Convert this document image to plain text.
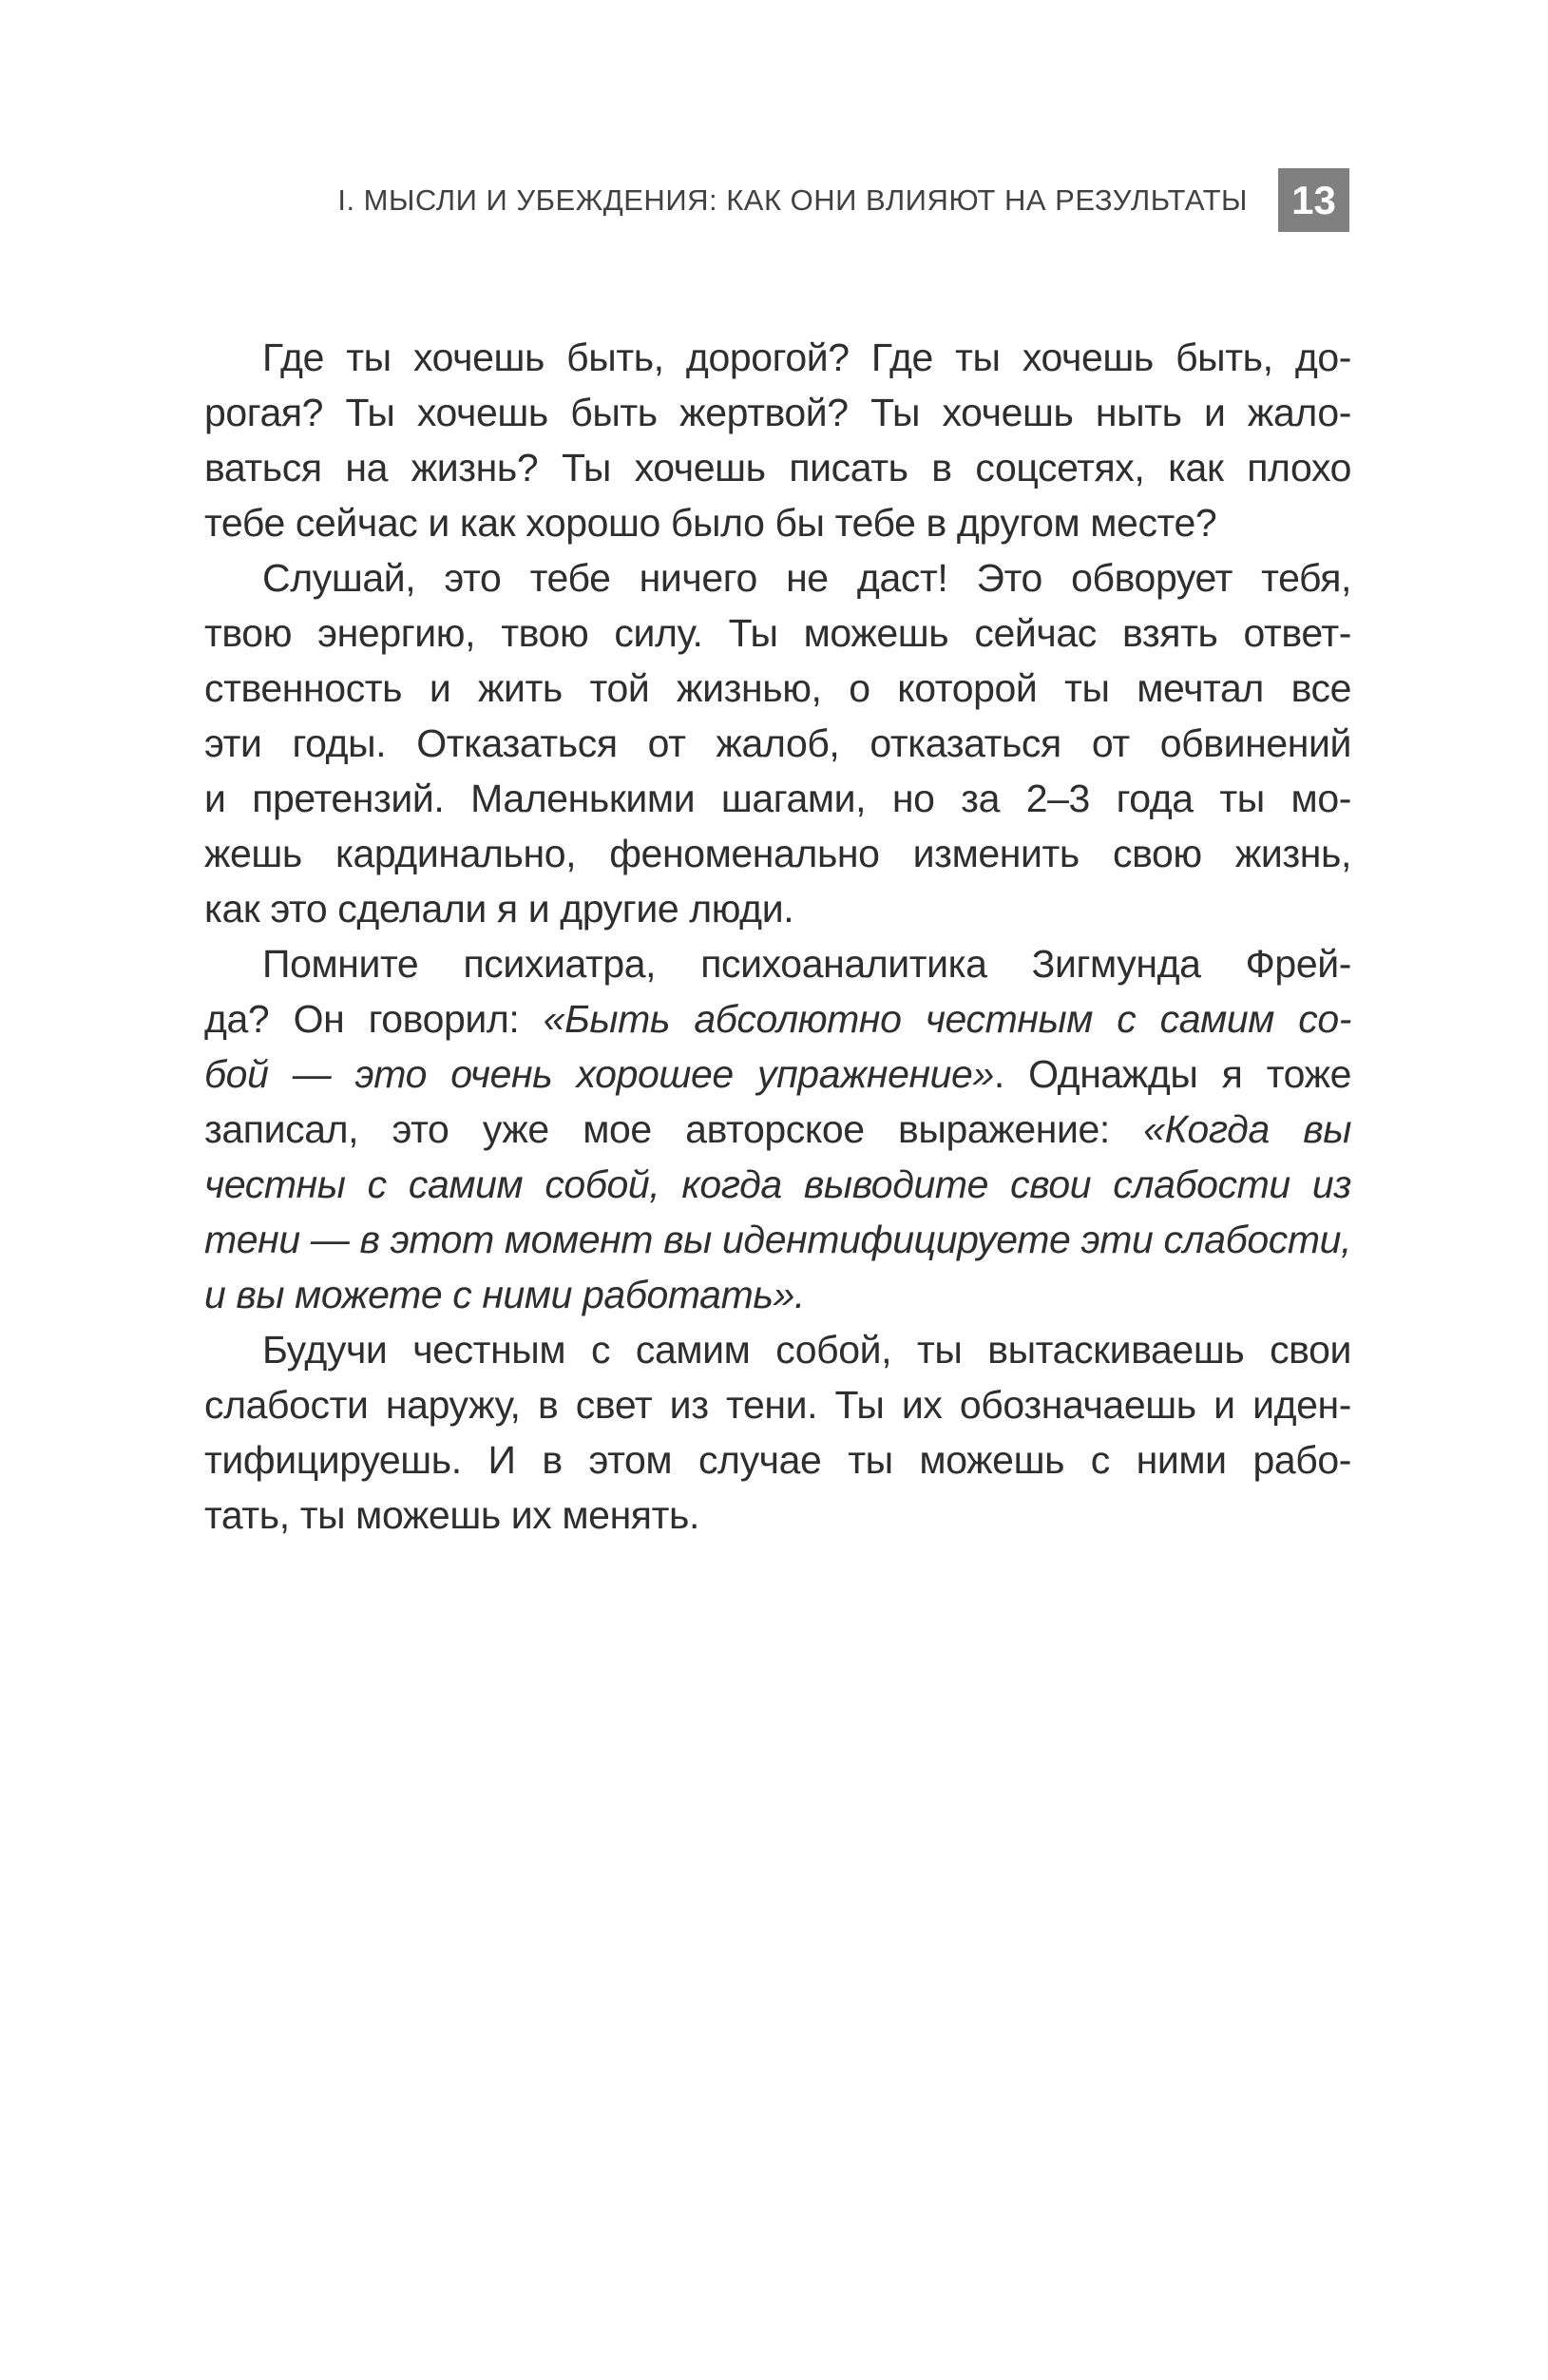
I. МЫСЛИ И УБЕЖДЕНИЯ: КАК ОНИ ВЛИЯЮТ НА РЕЗУЛЬТАТЫ	13
Где ты хочешь быть, дорогой? Где ты хочешь быть, до-
рогая? Ты хочешь быть жертвой? Ты хочешь ныть и жало-
ваться на жизнь? Ты хочешь писать в соцсетях, как плохо
тебе сейчас и как хорошо было бы тебе в другом месте?
Слушай, это тебе ничего не даст! Это обворует тебя,
твою энергию, твою силу. Ты можешь сейчас взять ответ-
ственность и жить той жизнью, о которой ты мечтал все
эти годы. Отказаться от жалоб, отказаться от обвинений
и претензий. Маленькими шагами, но за 2–3 года ты мо-
жешь кардинально, феноменально изменить свою жизнь,
как это сделали я и другие люди.
Помните психиатра, психоаналитика Зигмунда Фрей-
да? Он говорил: «Быть абсолютно честным с самим со-
бой — это очень хорошее упражнение». Однажды я тоже
записал, это уже мое авторское выражение: «Когда вы
честны с самим собой, когда выводите свои слабости из
тени — в этот момент вы идентифицируете эти слабости,
и вы можете с ними работать».
Будучи честным с самим собой, ты вытаскиваешь свои
слабости наружу, в свет из тени. Ты их обозначаешь и иден-
тифицируешь. И в этом случае ты можешь с ними рабо-
тать, ты можешь их менять.
